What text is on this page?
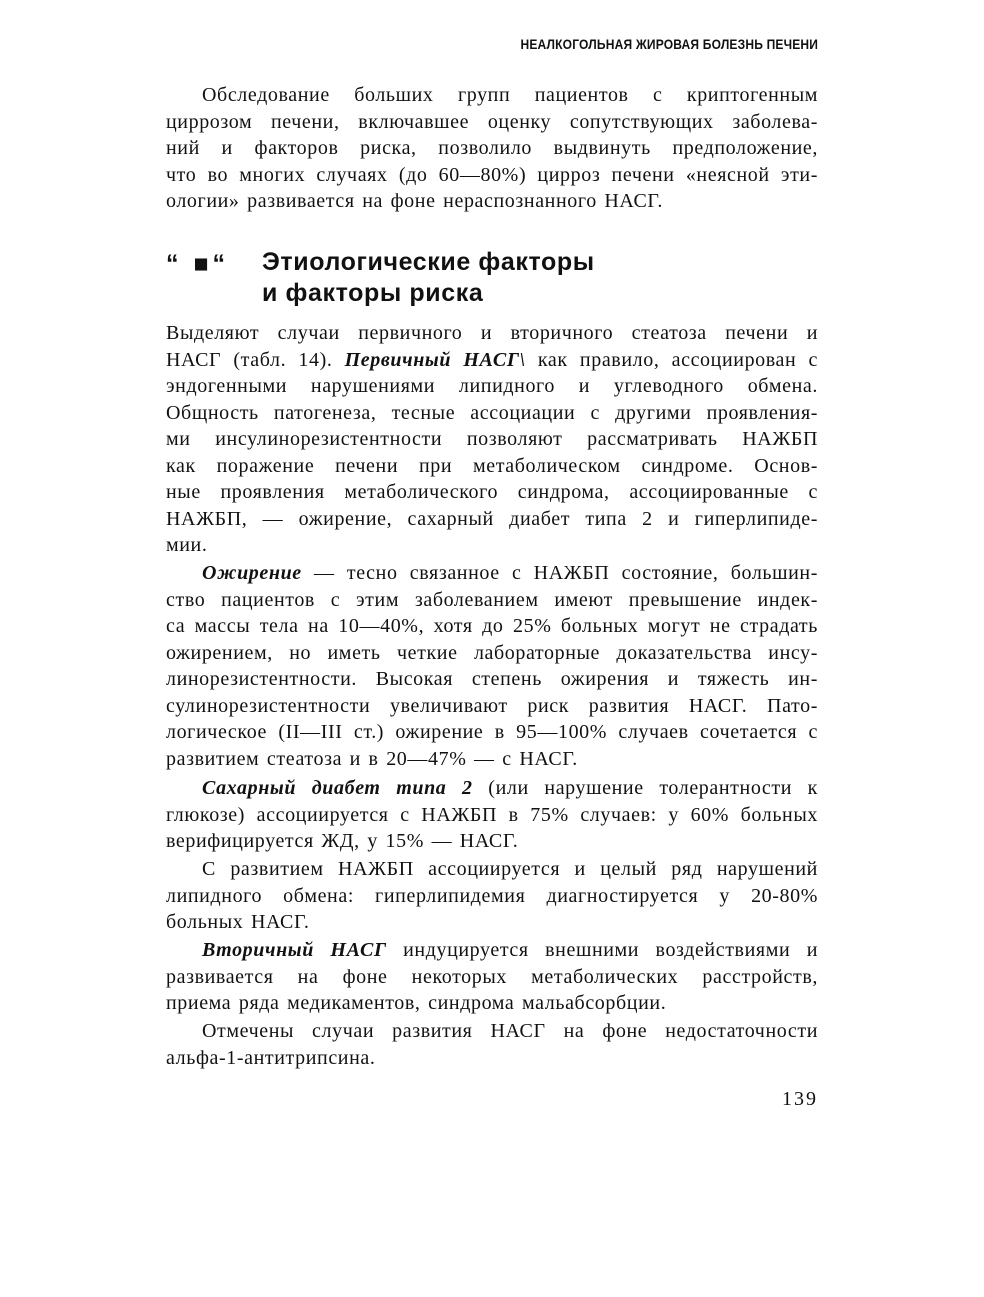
НЕАЛКОГОЛЬНАЯ ЖИРОВАЯ БОЛЕЗНЬ ПЕЧЕНИ
Обследование больших групп пациентов с криптогенным
циррозом печени, включавшее оценку сопутствующих заболева-
ний и факторов риска, позволило выдвинуть предположение,
что во многих случаях (до 60—80%) цирроз печени «неясной эти-
ологии» развивается на фоне нераспознанного НАСГ.
“ ■“	Этиологические факторы
и факторы риска
Выделяют случаи первичного и вторичного стеатоза печени и
НАСГ (табл. 14). Первичный НАСГ\ как правило, ассоциирован с
эндогенными нарушениями липидного и углеводного обмена.
Общность патогенеза, тесные ассоциации с другими проявления-
ми инсулинорезистентности позволяют рассматривать НАЖБП
как поражение печени при метаболическом синдроме. Основ-
ные проявления метаболического синдрома, ассоциированные с
НАЖБП, — ожирение, сахарный диабет типа 2 и гиперлипиде-
мии.
Ожирение — тесно связанное с НАЖБП состояние, большин-
ство пациентов с этим заболеванием имеют превышение индек-
са массы тела на 10—40%, хотя до 25% больных могут не страдать
ожирением, но иметь четкие лабораторные доказательства инсу-
линорезистентности. Высокая степень ожирения и тяжесть ин-
сулинорезистентности увеличивают риск развития НАСГ. Пато-
логическое (II—III ст.) ожирение в 95—100% случаев сочетается с
развитием стеатоза и в 20—47% — с НАСГ.
Сахарный диабет типа 2 (или нарушение толерантности к
глюкозе) ассоциируется с НАЖБП в 75% случаев: у 60% больных
верифицируется ЖД, у 15% — НАСГ.
С развитием НАЖБП ассоциируется и целый ряд нарушений
липидного обмена: гиперлипидемия диагностируется у 20-80%
больных НАСГ.
Вторичный НАСГ индуцируется внешними воздействиями и
развивается на фоне некоторых метаболических расстройств,
приема ряда медикаментов, синдрома мальабсорбции.
Отмечены случаи развития НАСГ на фоне недостаточности
альфа-1-антитрипсина.
139
